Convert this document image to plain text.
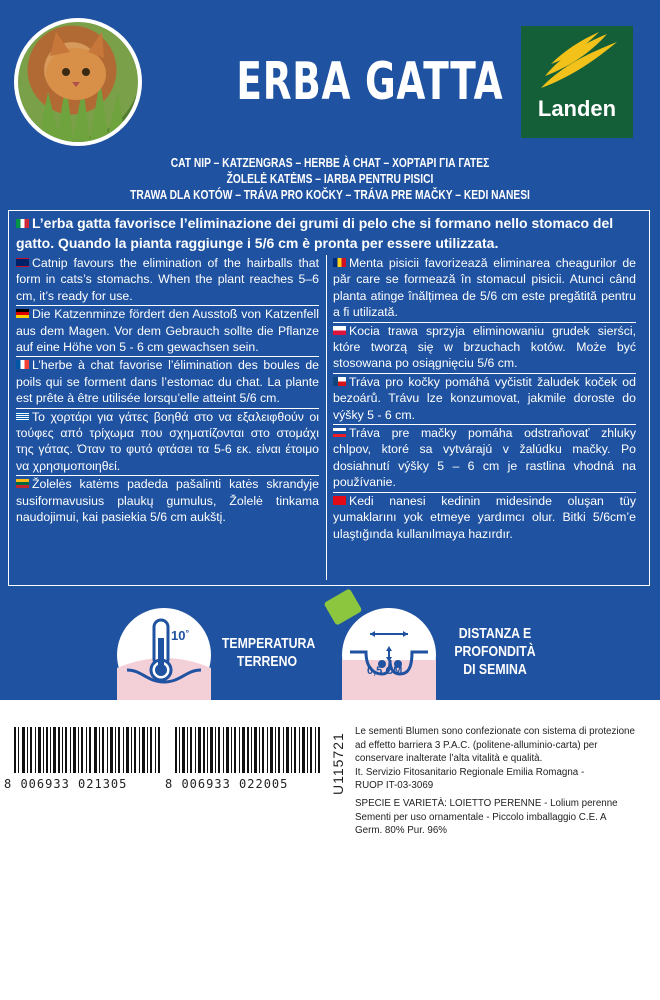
ERBA GATTA	Landen
CAT NIP – KATZENGRAS – HERBE À CHAT – ΧΟΡΤΑΡΙ ΓΙΑ ΓΑΤΕΣ
ŽOLELĖ KATĖMS – IARBA PENTRU PISICI
TRAWA DLA KOTÓW – TRÁVA PRO KOČKY – TRÁVA PRE MAČKY – KEDI NANESI
L’erba gatta favorisce l’eliminazione dei grumi di pelo che si formano nello stomaco del gatto. Quando la pianta raggiunge i 5/6 cm è pronta per essere utilizzata.

Catnip favours the elimination of the hairballs that form in cats’s stomachs. When the plant reaches 5–6 cm, it’s ready for use.

Die Katzenminze fördert den Ausstoß von Katzenfell aus dem Magen. Vor dem Gebrauch sollte die Pflanze auf eine Höhe von 5 - 6 cm gewachsen sein.

L’herbe à chat favorise l’élimination des boules de poils qui se forment dans l’estomac du chat. La plante est prête à être utilisée lorsqu’elle atteint 5/6 cm.

Το χορτάρι για γάτες βοηθά στο να εξαλειφθούν οι τούφες από τρίχωμα που σχηματίζονται στο στομάχι της γάτας. Όταν το φυτό φτάσει τα 5-6 εκ. είναι έτοιμο να χρησιμοποιηθεί.

Žolelės katėms padeda pašalinti katės skrandyje susiformavusius plaukų gumulus, Žolelė tinkama naudojimui, kai pasiekia 5/6 cm aukštį.

Menta pisicii favorizează eliminarea cheagurilor de păr care se formează în stomacul pisicii. Atunci când planta atinge înălțimea de 5/6 cm este pregătită pentru a fi utilizată.

Kocia trawa sprzyja eliminowaniu grudek sierści, które tworzą się w brzuchach kotów. Może być stosowana po osiągnięciu 5/6 cm.

Tráva pro kočky pomáhá vyčistit žaludek koček od bezoárů. Trávu lze konzumovat, jakmile doroste do výšky 5 - 6 cm.

Tráva pre mačky pomáha odstraňovať zhluky chlpov, ktoré sa vytvárajú v žalúdku mačky. Po dosiahnutí výšky 5 – 6 cm je rastlina vhodná na používanie.

Kedi nanesi kedinin midesinde oluşan tüy yumaklarını yok etmeye yardımcı olur. Bitki 5/6cm’e ulaştığında kullanılmaya hazırdır.

10°
TEMPERATURA
TERRENO
0,5 CM
DISTANZA E
PROFONDITÀ
DI SEMINA
8 006933 021305	8 006933 022005	U115721
Le sementi Blumen sono confezionate con sistema di protezione
ad effetto barriera 3 P.A.C. (politene-alluminio-carta) per
conservare inalterate l’alta vitalità e qualità.
It. Servizio Fitosanitario Regionale Emilia Romagna -
RUOP IT-03-3069
SPECIE E VARIETÀ: LOIETTO PERENNE - Lolium perenne
Sementi per uso ornamentale - Piccolo imballaggio C.E. A
Germ. 80% Pur. 96%
